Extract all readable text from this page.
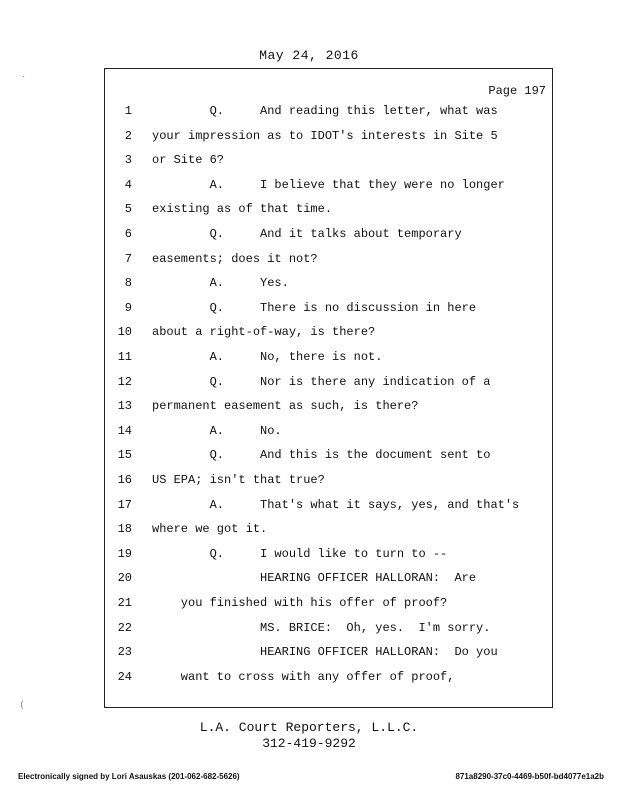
May 24, 2016
Page 197
1 Q.     And reading this letter, what was
2 your impression as to IDOT's interests in Site 5
3 or Site 6?
4 A.     I believe that they were no longer
5 existing as of that time.
6 Q.     And it talks about temporary
7 easements; does it not?
8 A.     Yes.
9 Q.     There is no discussion in here
10 about a right-of-way, is there?
11 A.     No, there is not.
12 Q.     Nor is there any indication of a
13 permanent easement as such, is there?
14 A.     No.
15 Q.     And this is the document sent to
16 US EPA; isn't that true?
17 A.     That's what it says, yes, and that's
18 where we got it.
19 Q.     I would like to turn to --
20 HEARING OFFICER HALLORAN:  Are
21 you finished with his offer of proof?
22 MS. BRICE:  Oh, yes.  I'm sorry.
23 HEARING OFFICER HALLORAN:  Do you
24 want to cross with any offer of proof,
L.A. Court Reporters, L.L.C.
312-419-9292
Electronically signed by Lori Asauskas (201-062-682-5626)	871a8290-37c0-4469-b50f-bd4077e1a2b
·
(
